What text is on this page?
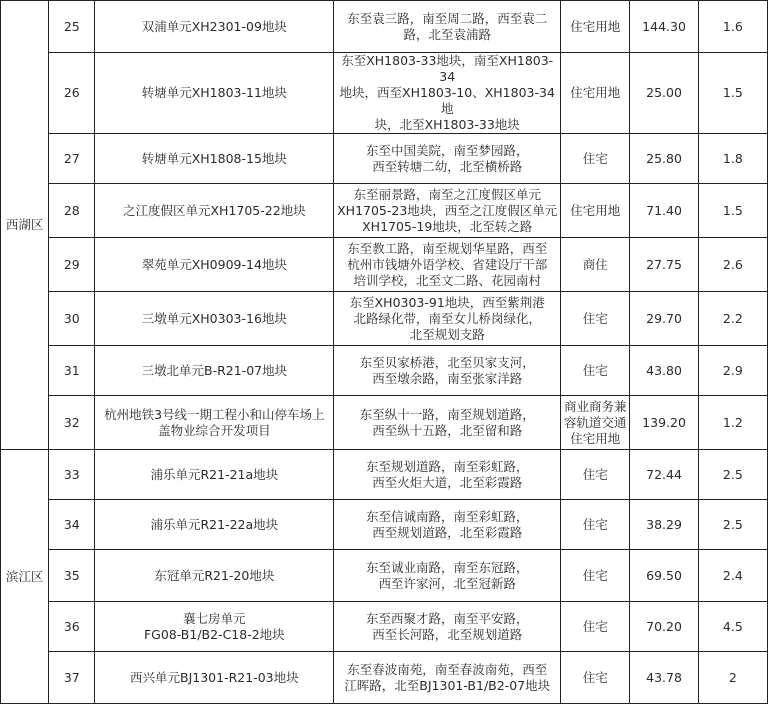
西湖区	25	双浦单元XH2301-09地块	东至袁三路，南至周二路，西至袁二
路，北至袁浦路	住宅用地	144.30	1.6
	26	转塘单元XH1803-11地块	东至XH1803-33地块，南至XH1803-34
地块，西至XH1803-10、XH1803-34地
块，北至XH1803-33地块	住宅用地	25.00	1.5
	27	转塘单元XH1808-15地块	东至中国美院，南至梦园路，
西至转塘二幼，北至横桥路	住宅	25.80	1.8
	28	之江度假区单元XH1705-22地块	东至丽景路，南至之江度假区单元
XH1705-23地块，西至之江度假区单元
XH1705-19地块，北至转之路	住宅用地	71.40	1.5
	29	翠苑单元XH0909-14地块	东至教工路，南至规划华星路，西至
杭州市钱塘外语学校、省建设厅干部
培训学校，北至文二路、花园南村	商住	27.75	2.6
	30	三墩单元XH0303-16地块	东至XH0303-91地块，西至紫荆港
北路绿化带，南至女儿桥岗绿化，
北至规划支路	住宅	29.70	2.2
	31	三墩北单元B-R21-07地块	东至贝家桥港，北至贝家支河，
西至墩余路，南至张家洋路	住宅	43.80	2.9
	32	杭州地铁3号线一期工程小和山停车场上
盖物业综合开发项目	东至纵十一路，南至规划道路，
西至纵十五路，北至留和路	商业商务兼
容轨道交通
住宅用地	139.20	1.2
滨江区	33	浦乐单元R21-21a地块	东至规划道路，南至彩虹路，
西至火炬大道，北至彩霞路	住宅	72.44	2.5
	34	浦乐单元R21-22a地块	东至信诚南路，南至彩虹路，
西至规划道路，北至彩霞路	住宅	38.29	2.5
	35	东冠单元R21-20地块	东至诚业南路，南至东冠路，
西至许家河，北至冠新路	住宅	69.50	2.4
	36	襄七房单元
FG08-B1/B2-C18-2地块	东至西聚才路，南至平安路，
西至长河路，北至规划道路	住宅	70.20	4.5
	37	西兴单元BJ1301-R21-03地块	东至春波南苑，南至春波南苑，西至
江晖路，北至BJ1301-B1/B2-07地块	住宅	43.78	2
